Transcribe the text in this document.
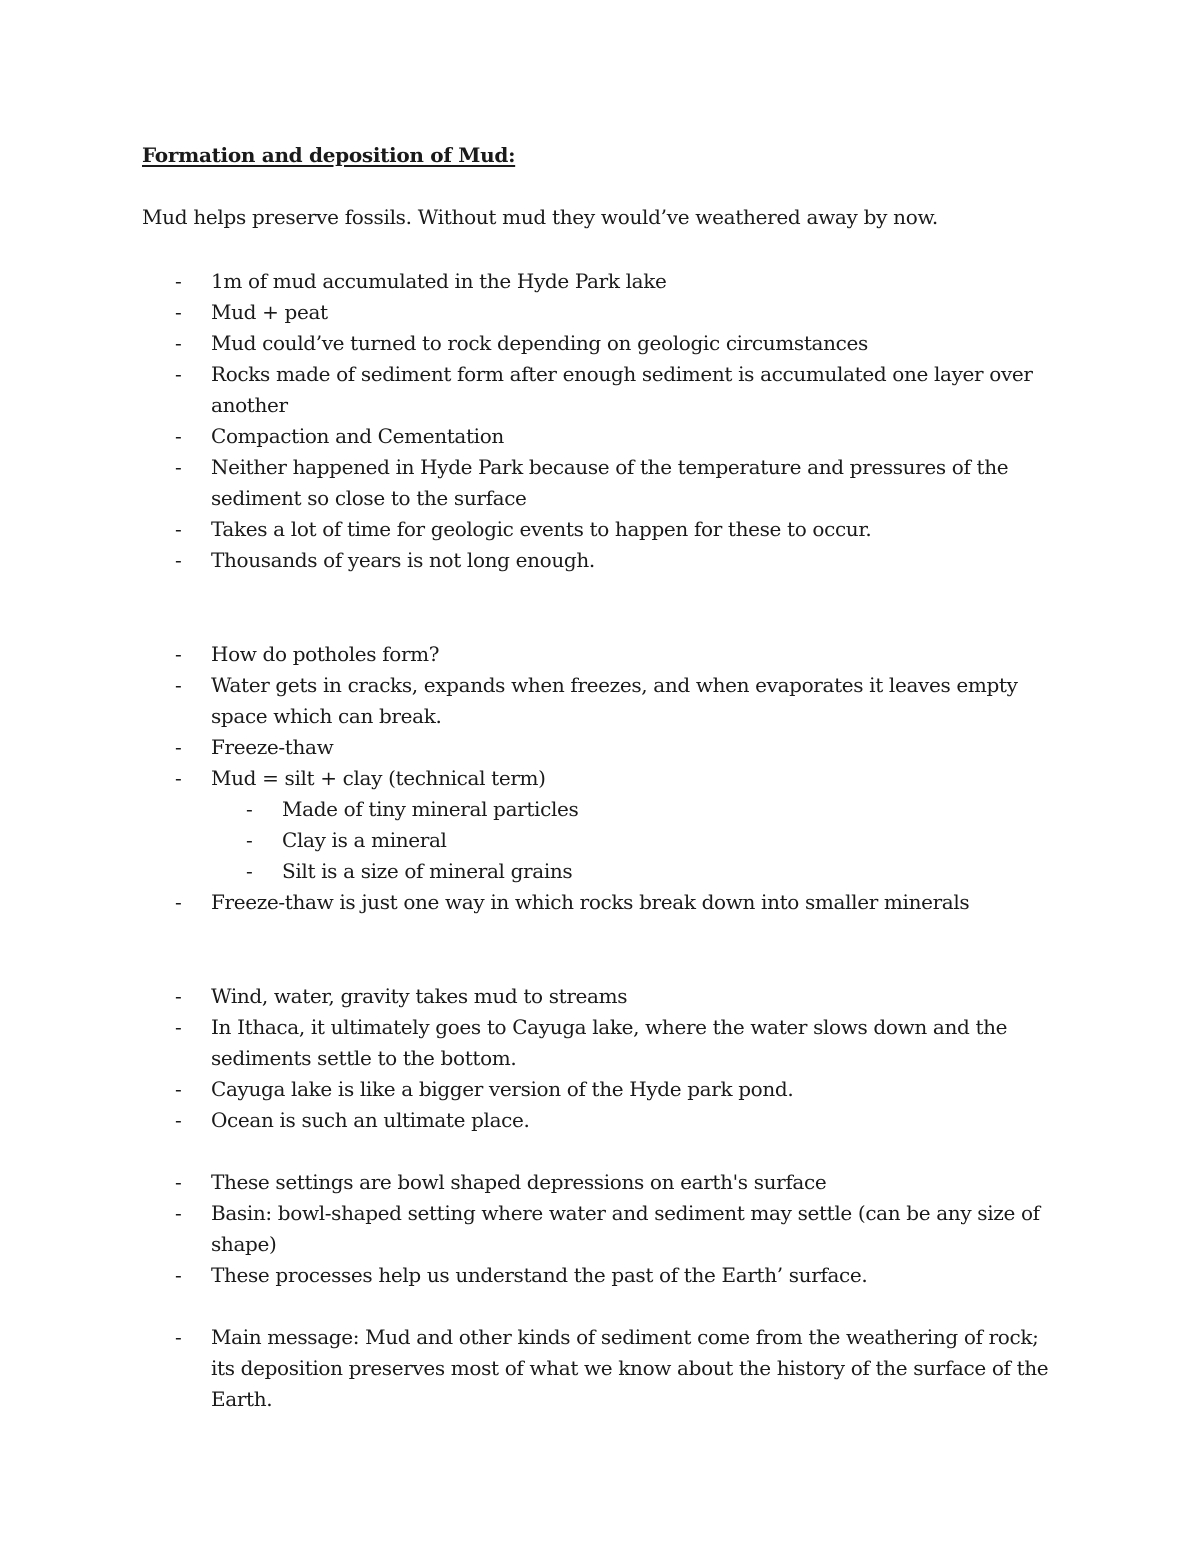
Formation and deposition of Mud:
Mud helps preserve fossils. Without mud they would’ve weathered away by now.
- 1m of mud accumulated in the Hyde Park lake
- Mud + peat
- Mud could’ve turned to rock depending on geologic circumstances
- Rocks made of sediment form after enough sediment is accumulated one layer over another
- Compaction and Cementation
- Neither happened in Hyde Park because of the temperature and pressures of the sediment so close to the surface
- Takes a lot of time for geologic events to happen for these to occur.
- Thousands of years is not long enough.
- How do potholes form?
- Water gets in cracks, expands when freezes, and when evaporates it leaves empty space which can break.
- Freeze-thaw
- Mud = silt + clay (technical term)
- Made of tiny mineral particles
- Clay is a mineral
- Silt is a size of mineral grains
- Freeze-thaw is just one way in which rocks break down into smaller minerals
- Wind, water, gravity takes mud to streams
- In Ithaca, it ultimately goes to Cayuga lake, where the water slows down and the sediments settle to the bottom.
- Cayuga lake is like a bigger version of the Hyde park pond.
- Ocean is such an ultimate place.
- These settings are bowl shaped depressions on earth's surface
- Basin: bowl-shaped setting where water and sediment may settle (can be any size of shape)
- These processes help us understand the past of the Earth’ surface.
- Main message: Mud and other kinds of sediment come from the weathering of rock; its deposition preserves most of what we know about the history of the surface of the Earth.
